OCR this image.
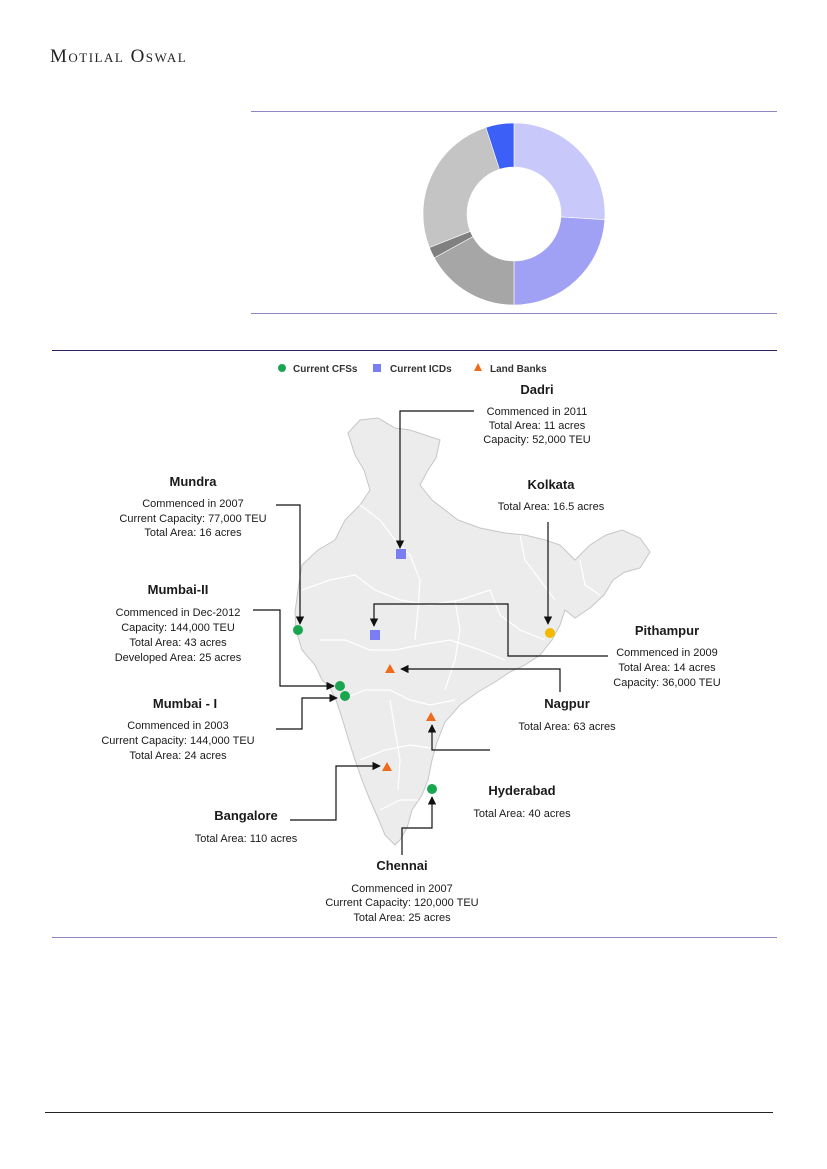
Motilal Oswal
Current CFSs	Current ICDs	Land Banks
Dadri
Commenced in 2011
Total Area: 11 acres
Capacity: 52,000 TEU
Kolkata
Total Area: 16.5 acres
Mundra
Commenced in 2007
Current Capacity: 77,000 TEU
Total Area: 16 acres
Mumbai-II
Commenced in Dec-2012
Capacity: 144,000 TEU
Total Area: 43 acres
Developed Area: 25 acres
Pithampur
Commenced in 2009
Total Area: 14 acres
Capacity: 36,000 TEU
Mumbai - I
Commenced in 2003
Current Capacity: 144,000 TEU
Total Area: 24 acres
Nagpur
Total Area: 63 acres
Hyderabad
Total Area: 40 acres
Bangalore
Total Area: 110 acres
Chennai
Commenced in 2007
Current Capacity: 120,000 TEU
Total Area: 25 acres
